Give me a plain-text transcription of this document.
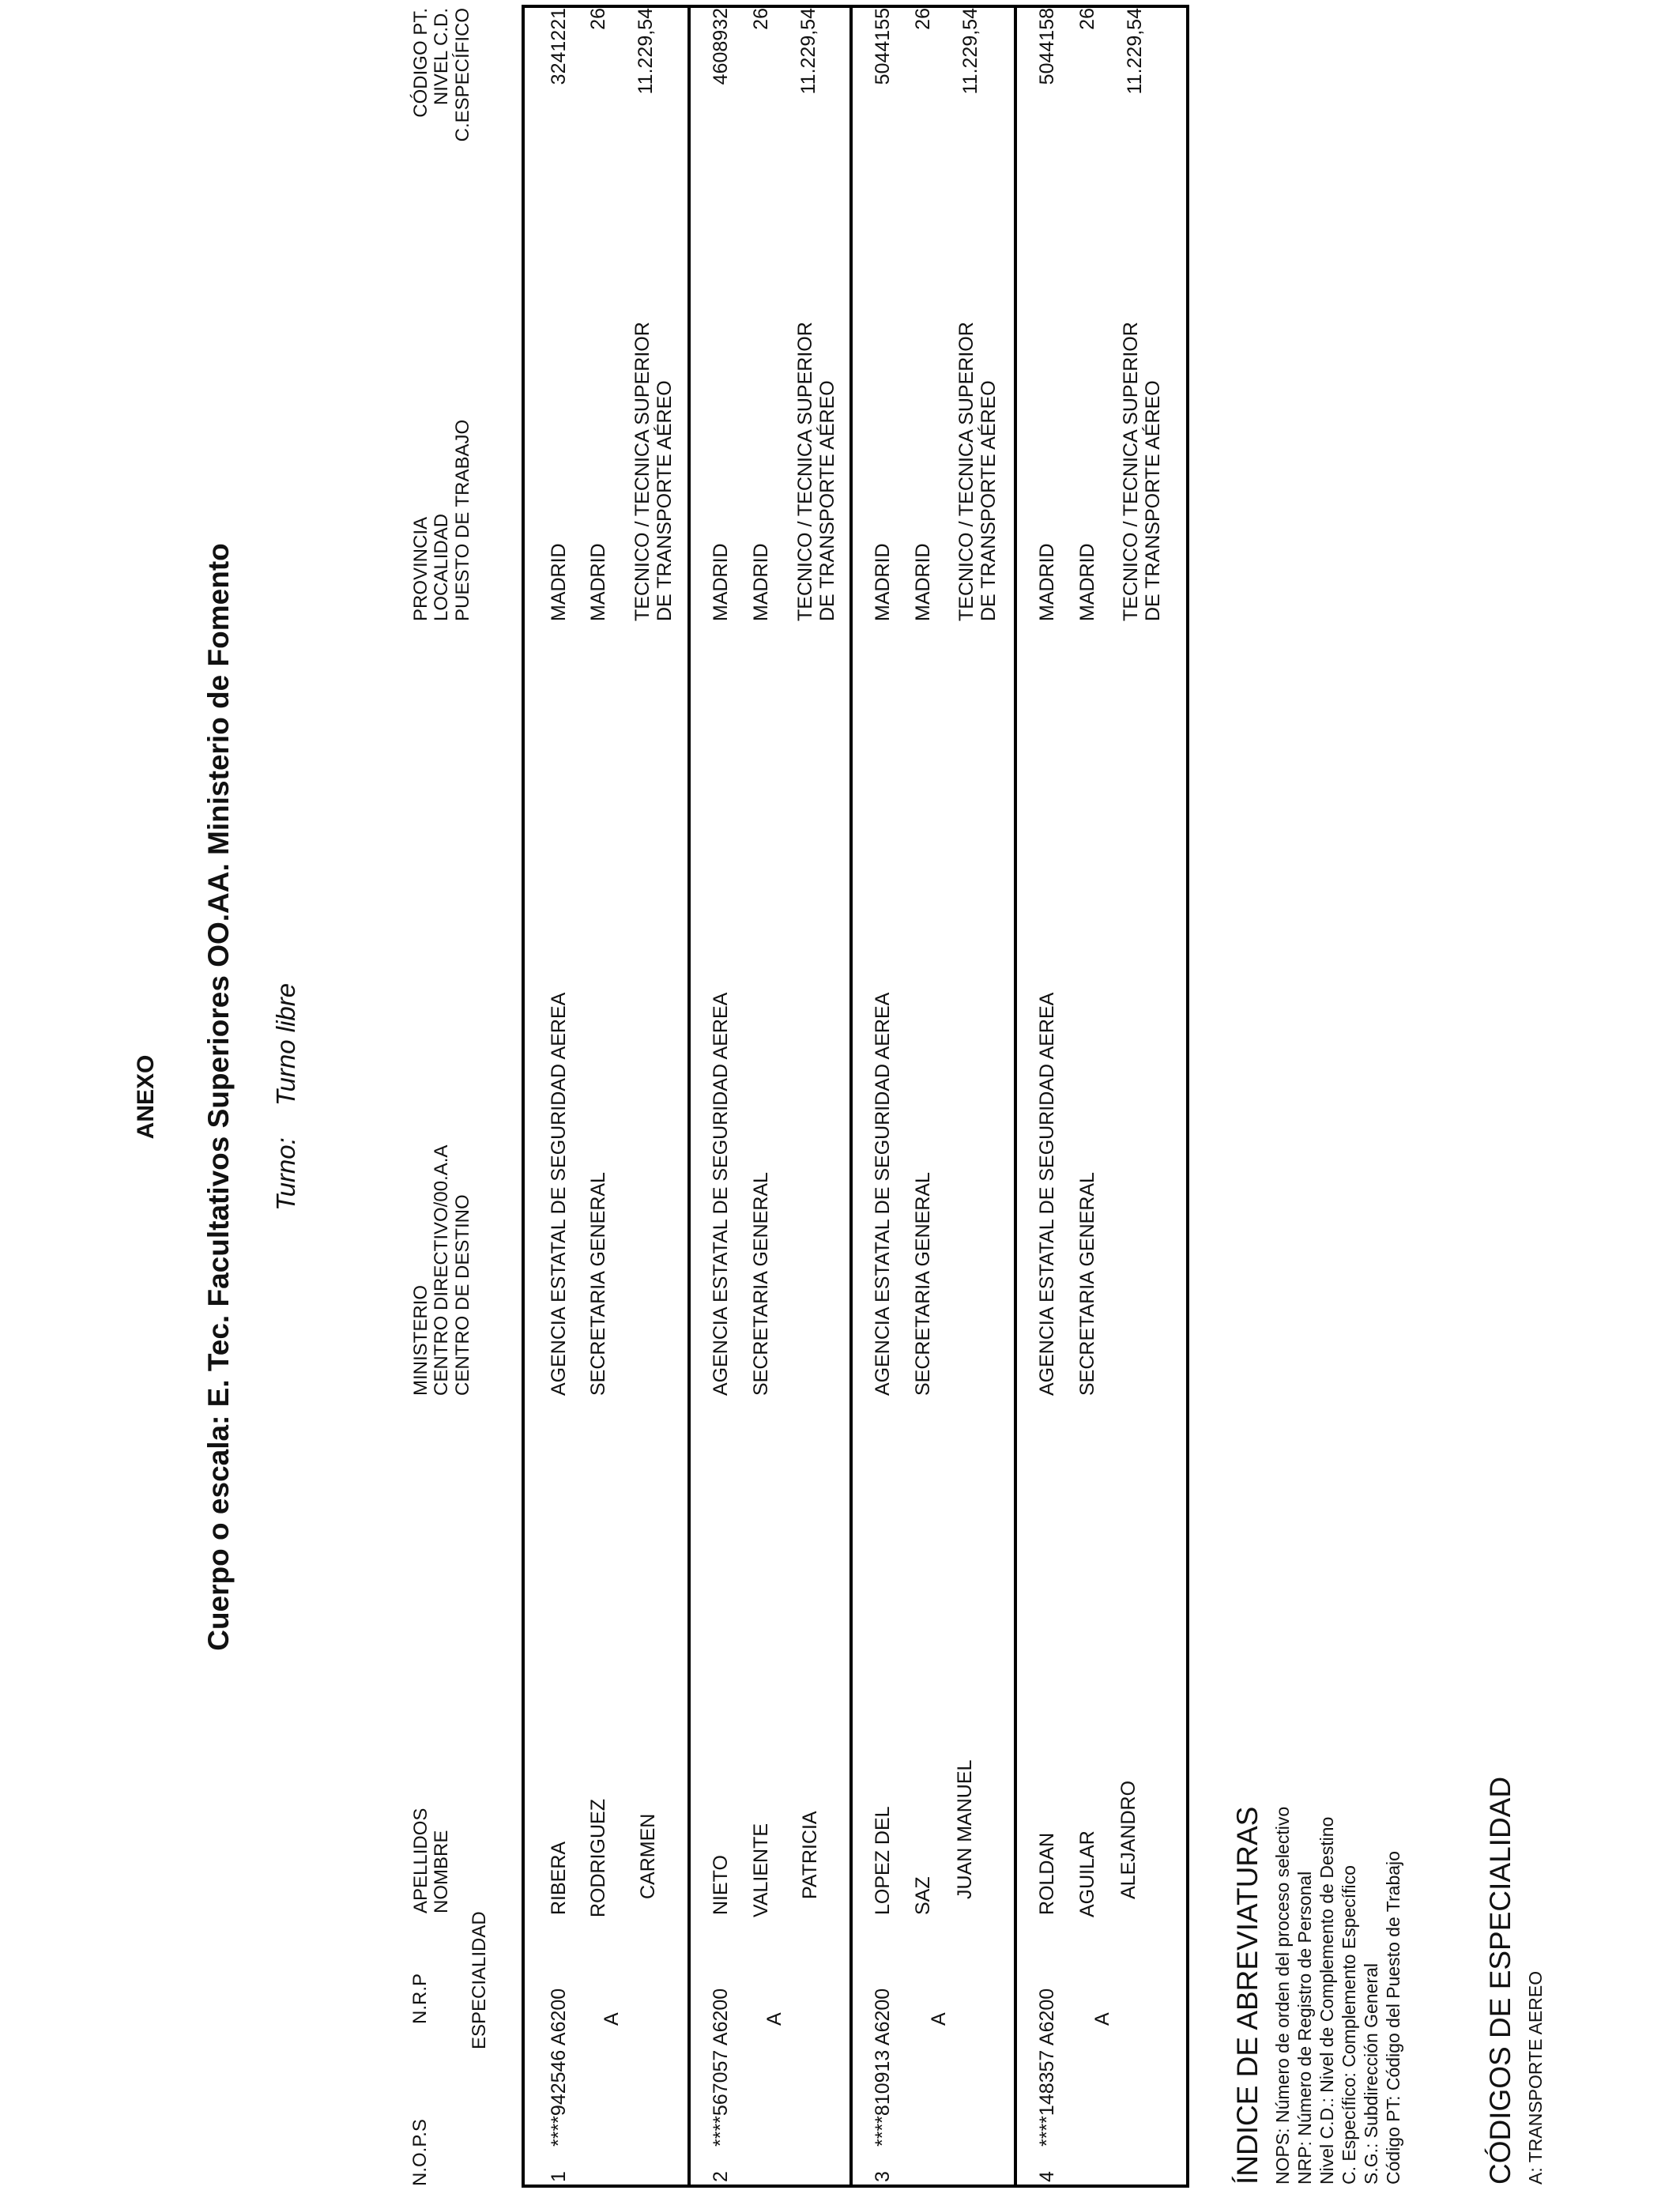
ANEXO Cuerpo o escala: E. Tec. Facultativos Superiores OO.AA. Ministerio de Fomento Turno:Turno libre
N.O.P.S
N.R.P ESPECIALIDAD
APELLIDOS
NOMBRE
MINISTERIO
CENTRO DIRECTIVO/00.A.A
CENTRO DE DESTINO
PROVINCIA
LOCALIDAD
PUESTO DE TRABAJO
CÓDIGO PT.
NIVEL C.D.
C.ESPECÍFICO
1
****942546 A6200 A
RIBERA RODRIGUEZ CARMEN
AGENCIA ESTATAL DE SEGURIDAD AEREA SECRETARIA GENERAL
MADRID MADRID TECNICO / TECNICA SUPERIOR
DE TRANSPORTE AÉREO
3241221 26 11.229,54
2
****567057 A6200 A
NIETO VALIENTE PATRICIA
AGENCIA ESTATAL DE SEGURIDAD AEREA SECRETARIA GENERAL
MADRID MADRID TECNICO / TECNICA SUPERIOR
DE TRANSPORTE AÉREO
4608932 26 11.229,54
3
****810913 A6200 A
LOPEZ DEL SAZ JUAN MANUEL
AGENCIA ESTATAL DE SEGURIDAD AEREA SECRETARIA GENERAL
MADRID MADRID TECNICO / TECNICA SUPERIOR
DE TRANSPORTE AÉREO
5044155 26 11.229,54
4
****148357 A6200 A
ROLDAN AGUILAR ALEJANDRO
AGENCIA ESTATAL DE SEGURIDAD AEREA SECRETARIA GENERAL
MADRID MADRID TECNICO / TECNICA SUPERIOR
DE TRANSPORTE AÉREO
5044158 26 11.229,54
ÍNDICE DE ABREVIATURAS NOPS: Número de orden del proceso selectivo NRP: Número de Registro de Personal Nivel C.D.: Nivel de Complemento de Destino C. Específico: Complemento Específico S.G.: Subdirección General Código PT: Código del Puesto de Trabajo	CÓDIGOS DE ESPECIALIDAD A: TRANSPORTE AEREO
